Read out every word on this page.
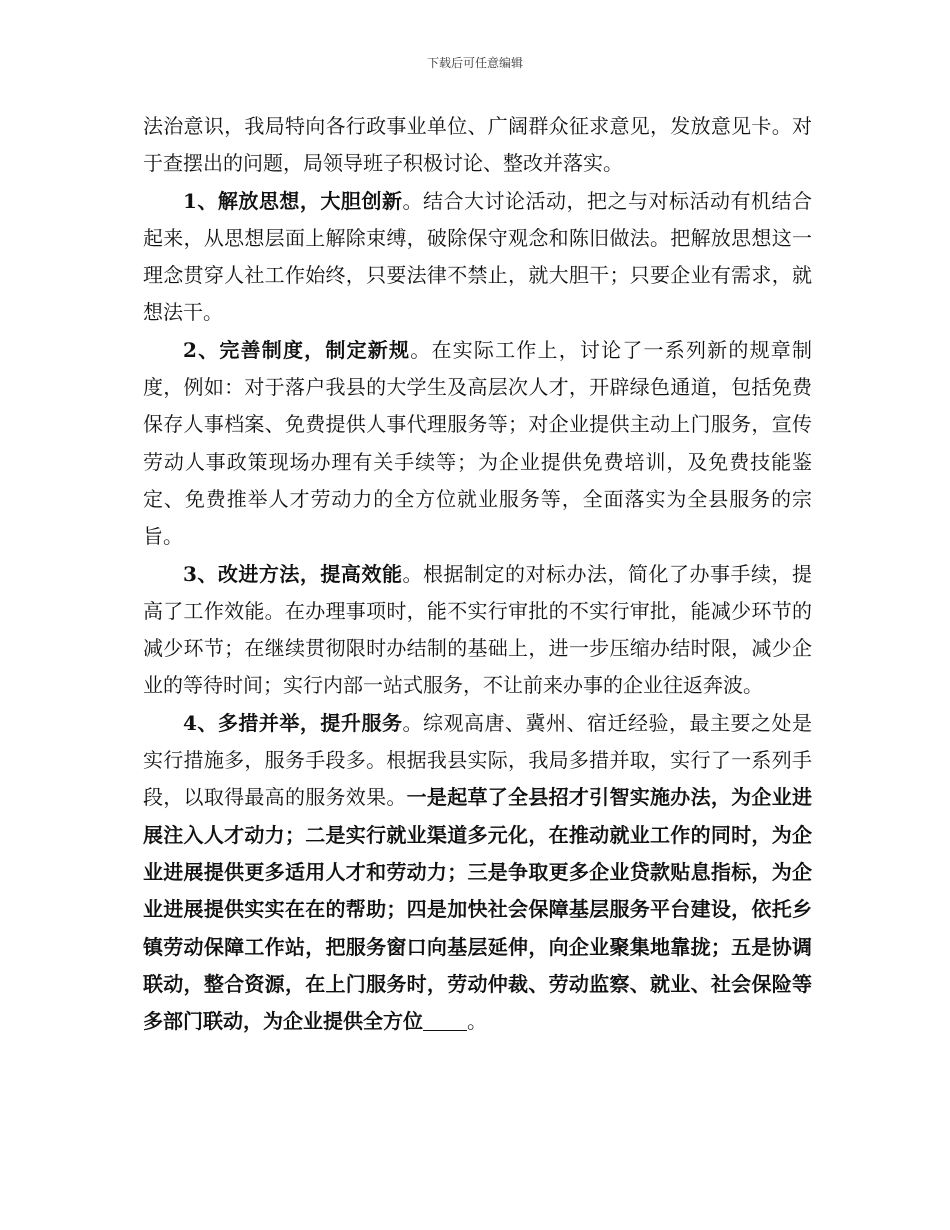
下载后可任意编辑

法治意识，我局特向各行政事业单位、广阔群众征求意见，发放意见卡。对于查摆出的问题，局领导班子积极讨论、整改并落实。

1、解放思想，大胆创新。结合大讨论活动，把之与对标活动有机结合起来，从思想层面上解除束缚，破除保守观念和陈旧做法。把解放思想这一理念贯穿人社工作始终，只要法律不禁止，就大胆干；只要企业有需求，就想法干。

2、完善制度，制定新规。在实际工作上，讨论了一系列新的规章制度，例如：对于落户我县的大学生及高层次人才，开辟绿色通道，包括免费保存人事档案、免费提供人事代理服务等；对企业提供主动上门服务，宣传劳动人事政策现场办理有关手续等；为企业提供免费培训，及免费技能鉴定、免费推举人才劳动力的全方位就业服务等，全面落实为全县服务的宗旨。

3、改进方法，提高效能。根据制定的对标办法，简化了办事手续，提高了工作效能。在办理事项时，能不实行审批的不实行审批，能减少环节的减少环节；在继续贯彻限时办结制的基础上，进一步压缩办结时限，减少企业的等待时间；实行内部一站式服务，不让前来办事的企业往返奔波。

4、多措并举，提升服务。综观高唐、冀州、宿迁经验，最主要之处是实行措施多，服务手段多。根据我县实际，我局多措并取，实行了一系列手段，以取得最高的服务效果。一是起草了全县招才引智实施办法，为企业进展注入人才动力；二是实行就业渠道多元化，在推动就业工作的同时，为企业进展提供更多适用人才和劳动力；三是争取更多企业贷款贴息指标，为企业进展提供实实在在的帮助；四是加快社会保障基层服务平台建设，依托乡镇劳动保障工作站，把服务窗口向基层延伸，向企业聚集地靠拢；五是协调联动，整合资源，在上门服务时，劳动仲裁、劳动监察、就业、社会保险等多部门联动，为企业提供全方位 。
